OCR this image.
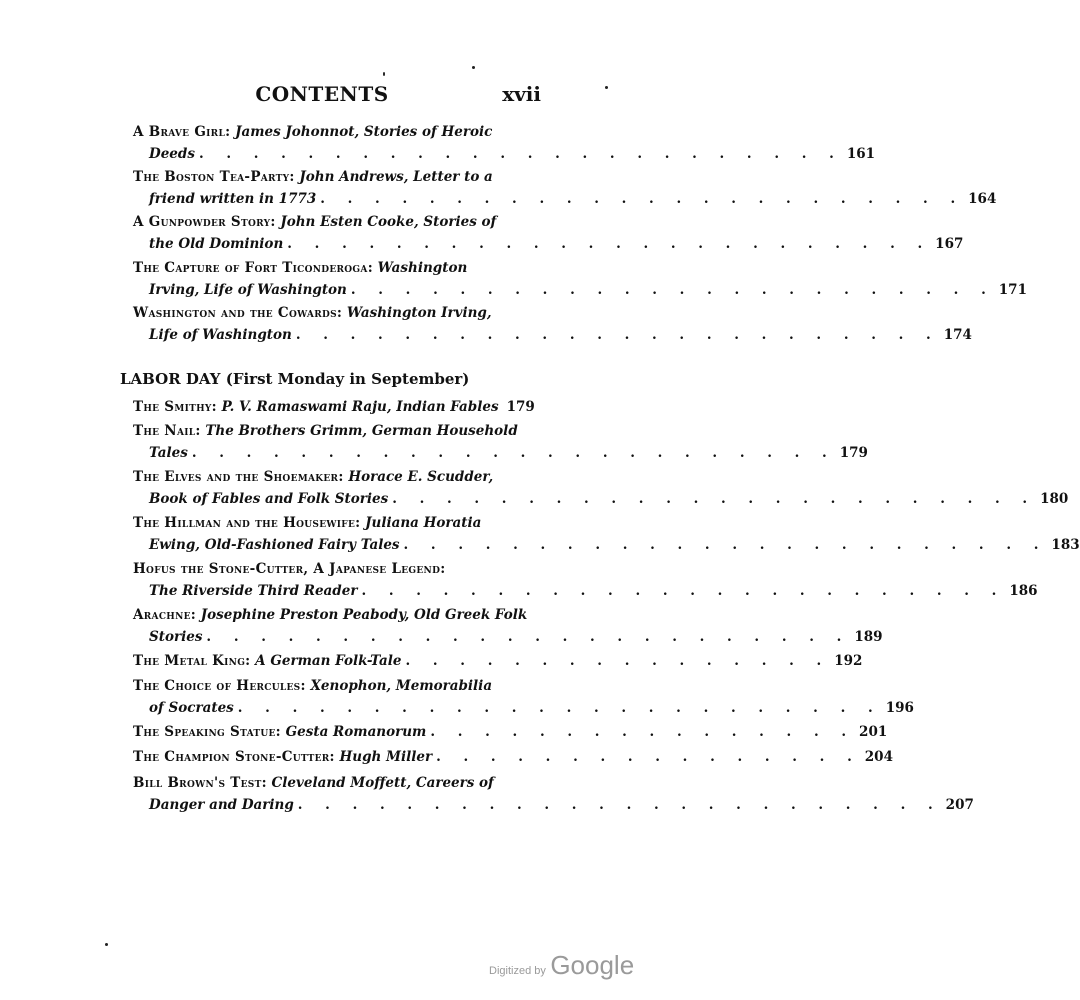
CONTENTS	xvii
A Brave Girl: James Johonnot, Stories of Heroic
Deeds . . . . . . . . . . . . . . . . . . . . . . . . 161
The Boston Tea-Party: John Andrews, Letter to a
friend written in 1773 . . . . . . . . . . . . . . . . . . . . . . . . 164
A Gunpowder Story: John Esten Cooke, Stories of
the Old Dominion . . . . . . . . . . . . . . . . . . . . . . . . 167
The Capture of Fort Ticonderoga: Washington
Irving, Life of Washington . . . . . . . . . . . . . . . . . . . . . . . . 171
Washington and the Cowards: Washington Irving,
Life of Washington . . . . . . . . . . . . . . . . . . . . . . . . 174
LABOR DAY (First Monday in September)
The Smithy: P. V. Ramaswami Raju, Indian Fables 179
The Nail: The Brothers Grimm, German Household
Tales . . . . . . . . . . . . . . . . . . . . . . . . 179
The Elves and the Shoemaker: Horace E. Scudder,
Book of Fables and Folk Stories . . . . . . . . . . . . . . . . . . . . . . . . 180
The Hillman and the Housewife: Juliana Horatia
Ewing, Old-Fashioned Fairy Tales . . . . . . . . . . . . . . . . . . . . . . . . 183
Hofus the Stone-Cutter, A Japanese Legend:
The Riverside Third Reader . . . . . . . . . . . . . . . . . . . . . . . . 186
Arachne: Josephine Preston Peabody, Old Greek Folk
Stories . . . . . . . . . . . . . . . . . . . . . . . . 189
The Metal King: A German Folk-Tale . . . . . . . . . . . . . . . . 192
The Choice of Hercules: Xenophon, Memorabilia
of Socrates . . . . . . . . . . . . . . . . . . . . . . . . 196
The Speaking Statue: Gesta Romanorum . . . . . . . . . . . . . . . . 201
The Champion Stone-Cutter: Hugh Miller . . . . . . . . . . . . . . . . 204
Bill Brown's Test: Cleveland Moffett, Careers of
Danger and Daring . . . . . . . . . . . . . . . . . . . . . . . . 207
Digitized by Google
